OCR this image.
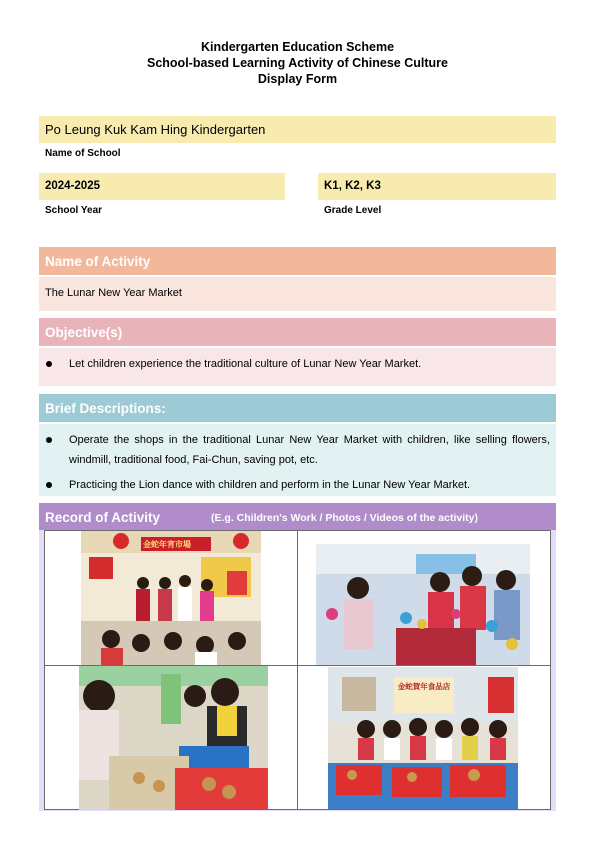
Kindergarten Education Scheme
School-based Learning Activity of Chinese Culture
Display Form
Po Leung Kuk Kam Hing Kindergarten
Name of School
2024-2025
School Year
K1, K2, K3
Grade Level
Name of Activity
The Lunar New Year Market
Objective(s)
Let children experience the traditional culture of Lunar New Year Market.
Brief Descriptions:
Operate the shops in the traditional Lunar New Year Market with children, like selling flowers, windmill, traditional food, Fai-Chun, saving pot, etc.
Practicing the Lion dance with children and perform in the Lunar New Year Market.
Record of Activity	(E.g. Children's Work / Photos / Videos of the activity)
金蛇年宵市場
金蛇賀年食品店
